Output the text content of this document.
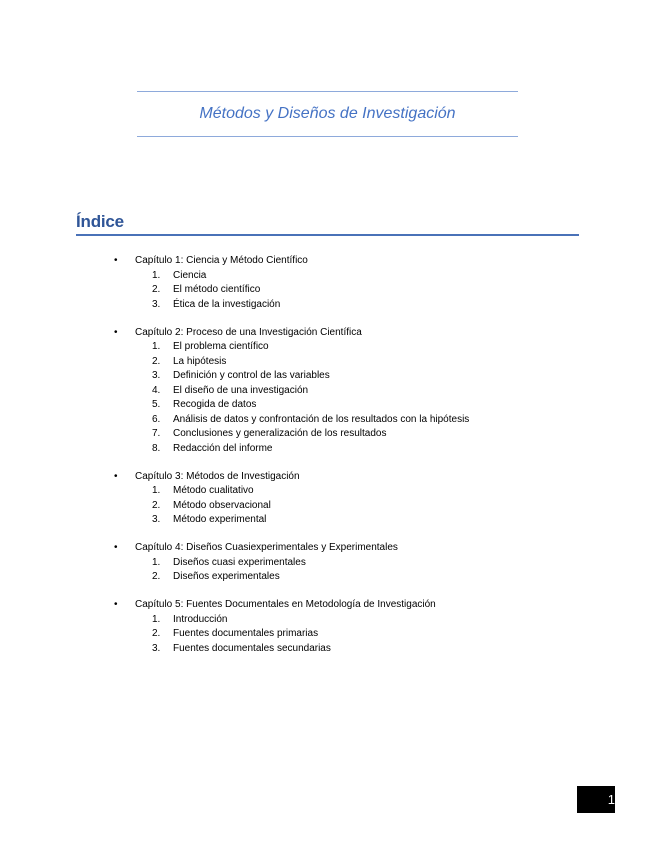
Métodos y Diseños de Investigación
Índice
•	Capítulo 1: Ciencia y Método Científico
1.	Ciencia
2.	El método científico
3.	Ética de la investigación
•	Capítulo 2: Proceso de una Investigación Científica
1.	El problema científico
2.	La hipótesis
3.	Definición y control de las variables
4.	El diseño de una investigación
5.	Recogida de datos
6.	Análisis de datos y confrontación de los resultados con la hipótesis
7.	Conclusiones y generalización de los resultados
8.	Redacción del informe
•	Capítulo 3: Métodos de Investigación
1.	Método cualitativo
2.	Método observacional
3.	Método experimental
•	Capítulo 4: Diseños Cuasiexperimentales y Experimentales
1.	Diseños cuasi experimentales
2.	Diseños experimentales
•	Capítulo 5: Fuentes Documentales en Metodología de Investigación
1.	Introducción
2.	Fuentes documentales primarias
3.	Fuentes documentales secundarias
1
